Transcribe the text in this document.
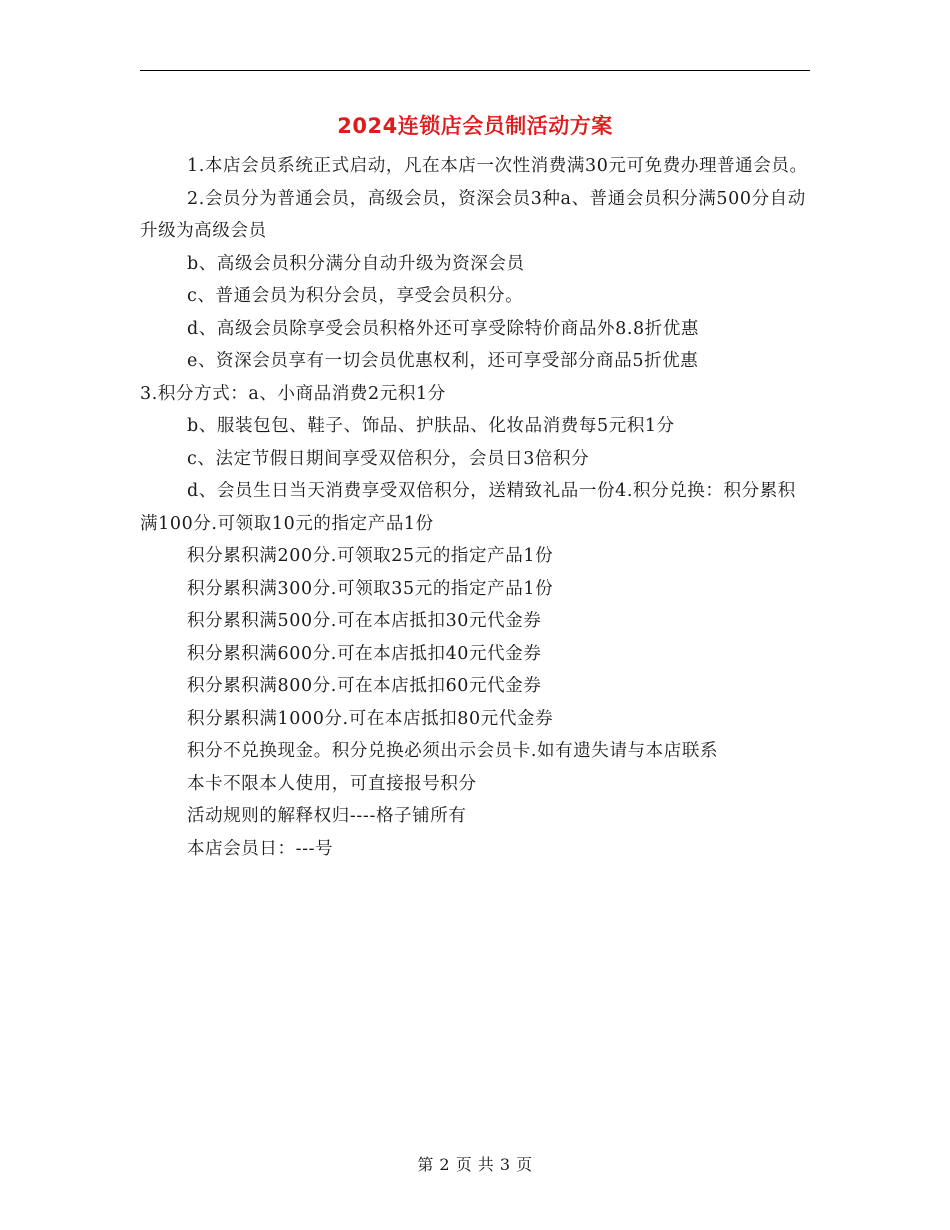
2024连锁店会员制活动方案

1.本店会员系统正式启动，凡在本店一次性消费满30元可免费办理普通会员。

2.会员分为普通会员，高级会员，资深会员3种a、普通会员积分满500分自动升级为高级会员

b、高级会员积分满分自动升级为资深会员

c、普通会员为积分会员，享受会员积分。

d、高级会员除享受会员积格外还可享受除特价商品外8.8折优惠

e、资深会员享有一切会员优惠权利，还可享受部分商品5折优惠

3.积分方式：a、小商品消费2元积1分

b、服装包包、鞋子、饰品、护肤品、化妆品消费每5元积1分

c、法定节假日期间享受双倍积分，会员日3倍积分

d、会员生日当天消费享受双倍积分，送精致礼品一份4.积分兑换：积分累积满100分.可领取10元的指定产品1份

积分累积满200分.可领取25元的指定产品1份

积分累积满300分.可领取35元的指定产品1份

积分累积满500分.可在本店抵扣30元代金券

积分累积满600分.可在本店抵扣40元代金券

积分累积满800分.可在本店抵扣60元代金券

积分累积满1000分.可在本店抵扣80元代金券

积分不兑换现金。积分兑换必须出示会员卡.如有遗失请与本店联系

本卡不限本人使用，可直接报号积分

活动规则的解释权归----格子铺所有

本店会员日：---号

第 2 页 共 3 页
